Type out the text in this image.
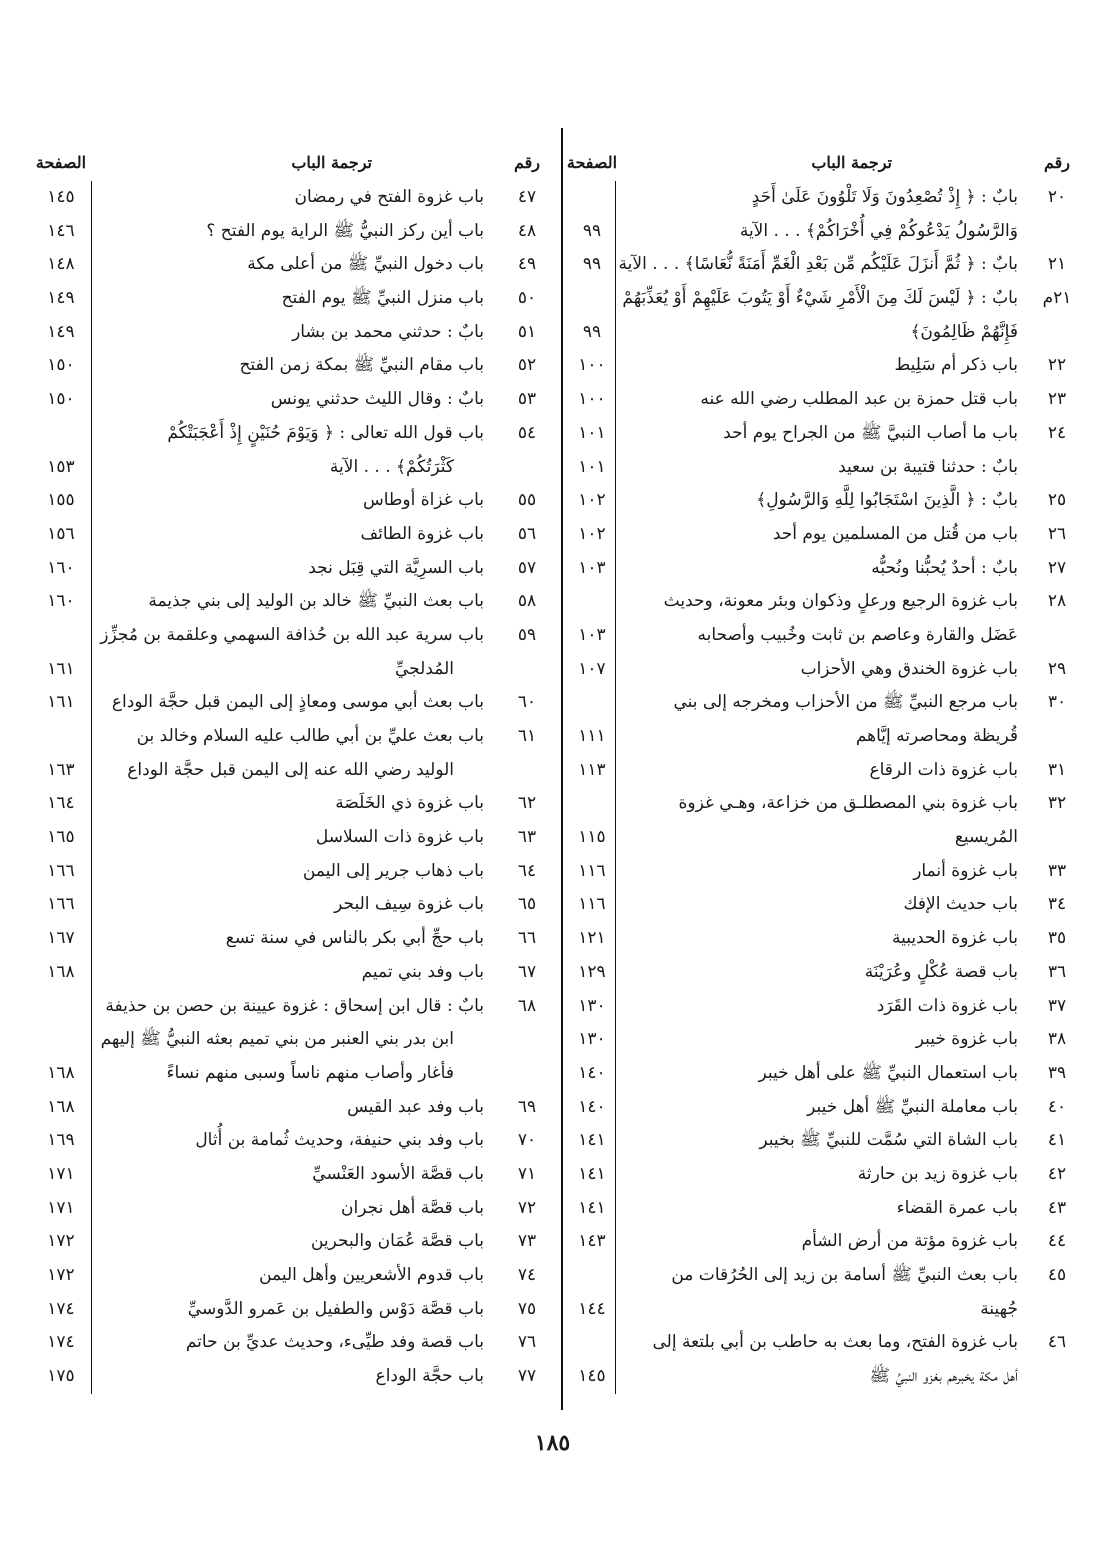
رقم
ترجمة الباب
الصفحة
٢٠
بابٌ : ﴿ إِذْ تُصْعِدُونَ وَلَا تَلْوُونَ عَلَىٰ أَحَدٍ
وَالرَّسُولُ يَدْعُوكُمْ فِي أُخْرَاكُمْ﴾ . . . الآية
٩٩
٢١
بابٌ : ﴿ ثُمَّ أَنزَلَ عَلَيْكُم مِّن بَعْدِ الْغَمِّ أَمَنَةً نُّعَاسًا﴾ . . . الآية
٩٩
٢١م
بابٌ : ﴿ لَيْسَ لَكَ مِنَ الْأَمْرِ شَيْءٌ أَوْ يَتُوبَ عَلَيْهِمْ أَوْ يُعَذِّبَهُمْ
فَإِنَّهُمْ ظَالِمُونَ﴾
٩٩
٢٢
باب ذكر أم سَلِيط
١٠٠
٢٣
باب قتل حمزة بن عبد المطلب رضي الله عنه
١٠٠
٢٤
باب ما أصاب النبيَّ ﷺ من الجراح يوم أحد
١٠١
بابٌ : حدثنا قتيبة بن سعيد
١٠١
٢٥
بابٌ : ﴿ الَّذِينَ اسْتَجَابُوا لِلَّهِ وَالرَّسُولِ﴾
١٠٢
٢٦
باب من قُتل من المسلمين يوم أحد
١٠٢
٢٧
بابٌ : أحدٌ يُحبُّنا ونُحبُّه
١٠٣
٢٨
باب غزوة الرجيع ورعلٍ وذكوان وبئر معونة، وحديث
عَضَل والقارة وعاصم بن ثابت وخُبيب وأصحابه
١٠٣
٢٩
باب غزوة الخندق وهي الأحزاب
١٠٧
٣٠
باب مرجع النبيِّ ﷺ من الأحزاب ومخرجه إلى بني
قُريظة ومحاصرته إيَّاهم
١١١
٣١
باب غزوة ذات الرقاع
١١٣
٣٢
باب غزوة بني المصطلـق من خزاعة، وهـي غزوة
المُريسيع
١١٥
٣٣
باب غزوة أنمار
١١٦
٣٤
باب حديث الإفك
١١٦
٣٥
باب غزوة الحديبية
١٢١
٣٦
باب قصة عُكْلٍ وعُرَيْنَة
١٢٩
٣٧
باب غزوة ذات القَرَد
١٣٠
٣٨
باب غزوة خيبر
١٣٠
٣٩
باب استعمال النبيِّ ﷺ على أهل خيبر
١٤٠
٤٠
باب معاملة النبيِّ ﷺ أهل خيبر
١٤٠
٤١
باب الشاة التي سُمَّت للنبيِّ ﷺ بخيبر
١٤١
٤٢
باب غزوة زيد بن حارثة
١٤١
٤٣
باب عمرة القضاء
١٤١
٤٤
باب غزوة مؤتة من أرض الشأم
١٤٣
٤٥
باب بعث النبيِّ ﷺ أسامة بن زيد إلى الحُرُقات من
جُهينة
١٤٤
٤٦
باب غزوة الفتح، وما بعث به حاطب بن أبي بلتعة إلى
أهل مكة يخبرهم بغزو النبيِّ ﷺ
١٤٥
رقم
ترجمة الباب
الصفحة
٤٧
باب غزوة الفتح في رمضان
١٤٥
٤٨
باب أين ركز النبيُّ ﷺ الراية يوم الفتح ؟
١٤٦
٤٩
باب دخول النبيِّ ﷺ من أعلى مكة
١٤٨
٥٠
باب منزل النبيِّ ﷺ يوم الفتح
١٤٩
٥١
بابٌ : حدثني محمد بن بشار
١٤٩
٥٢
باب مقام النبيِّ ﷺ بمكة زمن الفتح
١٥٠
٥٣
بابٌ : وقال الليث حدثني يونس
١٥٠
٥٤
باب قول الله تعالى : ﴿ وَيَوْمَ حُنَيْنٍ إِذْ أَعْجَبَتْكُمْ
كَثْرَتُكُمْ﴾ . . . الآية
١٥٣
٥٥
باب غزاة أوطاس
١٥٥
٥٦
باب غزوة الطائف
١٥٦
٥٧
باب السرِيَّة التي قِبَل نجد
١٦٠
٥٨
باب بعث النبيِّ ﷺ خالد بن الوليد إلى بني جذيمة
١٦٠
٥٩
باب سرية عبد الله بن حُذافة السهمي وعلقمة بن مُجزِّز
المُدلجيِّ
١٦١
٦٠
باب بعث أبي موسى ومعاذٍ إلى اليمن قبل حجَّة الوداع
١٦١
٦١
باب بعث عليِّ بن أبي طالب عليه السلام وخالد بن
الوليد رضي الله عنه إلى اليمن قبل حجَّة الوداع
١٦٣
٦٢
باب غزوة ذي الخَلَصَة
١٦٤
٦٣
باب غزوة ذات السلاسل
١٦٥
٦٤
باب ذهاب جرير إلى اليمن
١٦٦
٦٥
باب غزوة سِيف البحر
١٦٦
٦٦
باب حجِّ أبي بكر بالناس في سنة تسع
١٦٧
٦٧
باب وفد بني تميم
١٦٨
٦٨
بابٌ : قال ابن إسحاق : غزوة عيينة بن حصن بن حذيفة
ابن بدر بني العنبر من بني تميم بعثه النبيُّ ﷺ إليهم
فأغار وأصاب منهم ناساً وسبى منهم نساءً
١٦٨
٦٩
باب وفد عبد القيس
١٦٨
٧٠
باب وفد بني حنيفة، وحديث ثُمامة بن أُثال
١٦٩
٧١
باب قصَّة الأسود العَنْسيِّ
١٧١
٧٢
باب قصَّة أهل نجران
١٧١
٧٣
باب قصَّة عُمَان والبحرين
١٧٢
٧٤
باب قدوم الأشعريين وأهل اليمن
١٧٢
٧٥
باب قصَّة دَوْس والطفيل بن عَمرو الدَّوسيِّ
١٧٤
٧٦
باب قصة وفد طيِّىء، وحديث عديِّ بن حاتم
١٧٤
٧٧
باب حجَّة الوداع
١٧٥
١٨٥
